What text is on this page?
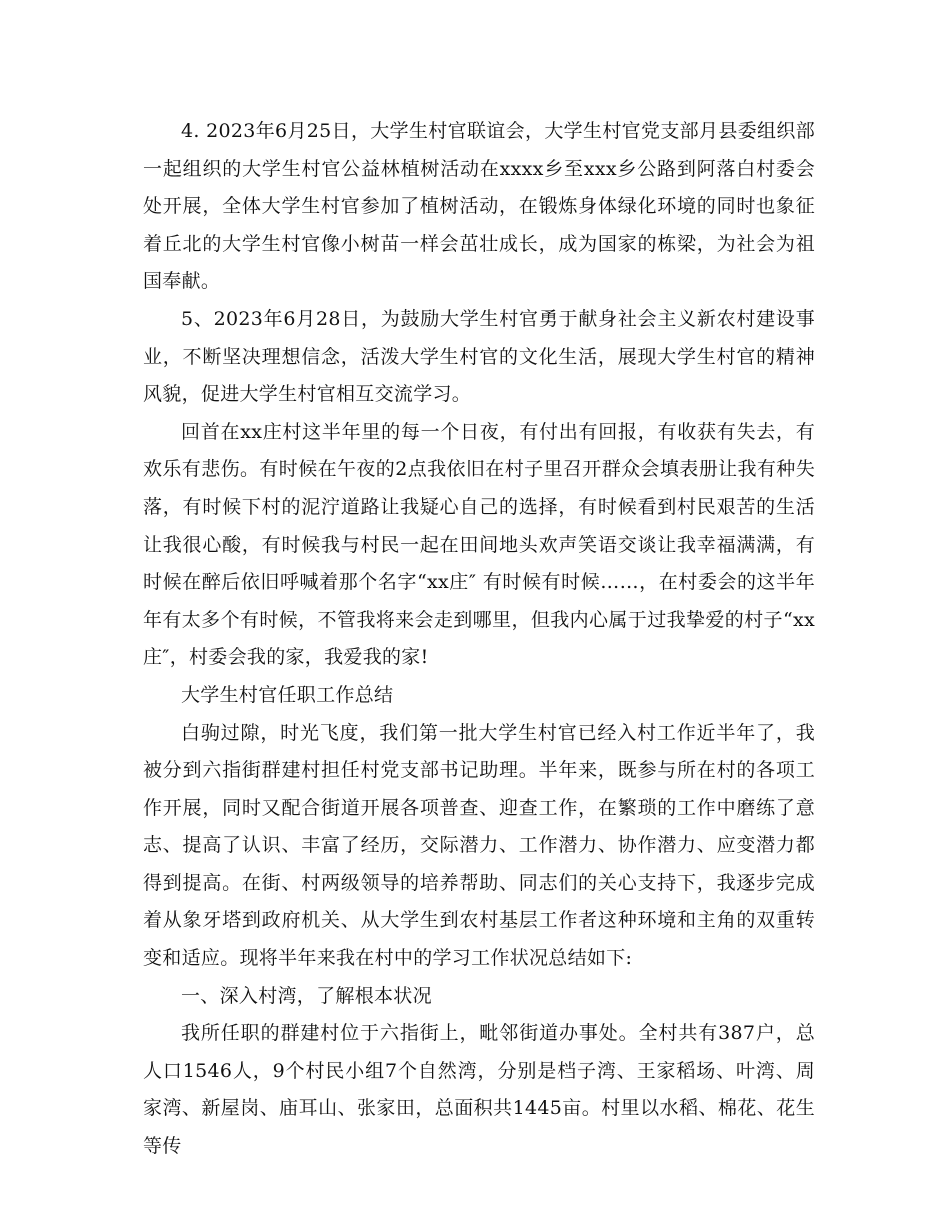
4. 2023年6月25日，大学生村官联谊会，大学生村官党支部月县委组织部一起组织的大学生村官公益林植树活动在xxxx乡至xxx乡公路到阿落白村委会处开展，全体大学生村官参加了植树活动，在锻炼身体绿化环境的同时也象征着丘北的大学生村官像小树苗一样会茁壮成长，成为国家的栋梁，为社会为祖国奉献。

5、2023年6月28日，为鼓励大学生村官勇于献身社会主义新农村建设事业，不断坚决理想信念，活泼大学生村官的文化生活，展现大学生村官的精神风貌，促进大学生村官相互交流学习。

回首在xx庄村这半年里的每一个日夜，有付出有回报，有收获有失去，有欢乐有悲伤。有时候在午夜的2点我依旧在村子里召开群众会填表册让我有种失落，有时候下村的泥泞道路让我疑心自己的选择，有时候看到村民艰苦的生活让我很心酸，有时候我与村民一起在田间地头欢声笑语交谈让我幸福满满，有时候在醉后依旧呼喊着那个名字“xx庄″ 有时候有时候……，在村委会的这半年年有太多个有时候，不管我将来会走到哪里，但我内心属于过我挚爱的村子“xx庄″，村委会我的家，我爱我的家!

大学生村官任职工作总结

白驹过隙，时光飞度，我们第一批大学生村官已经入村工作近半年了，我被分到六指街群建村担任村党支部书记助理。半年来，既参与所在村的各项工作开展，同时又配合街道开展各项普查、迎查工作，在繁琐的工作中磨练了意志、提高了认识、丰富了经历，交际潜力、工作潜力、协作潜力、应变潜力都得到提高。在街、村两级领导的培养帮助、同志们的关心支持下，我逐步完成着从象牙塔到政府机关、从大学生到农村基层工作者这种环境和主角的双重转变和适应。现将半年来我在村中的学习工作状况总结如下:

一、深入村湾，了解根本状况

我所任职的群建村位于六指街上，毗邻街道办事处。全村共有387户，总人口1546人，9个村民小组7个自然湾，分别是档子湾、王家稻场、叶湾、周家湾、新屋岗、庙耳山、张家田，总面积共1445亩。村里以水稻、棉花、花生等传
